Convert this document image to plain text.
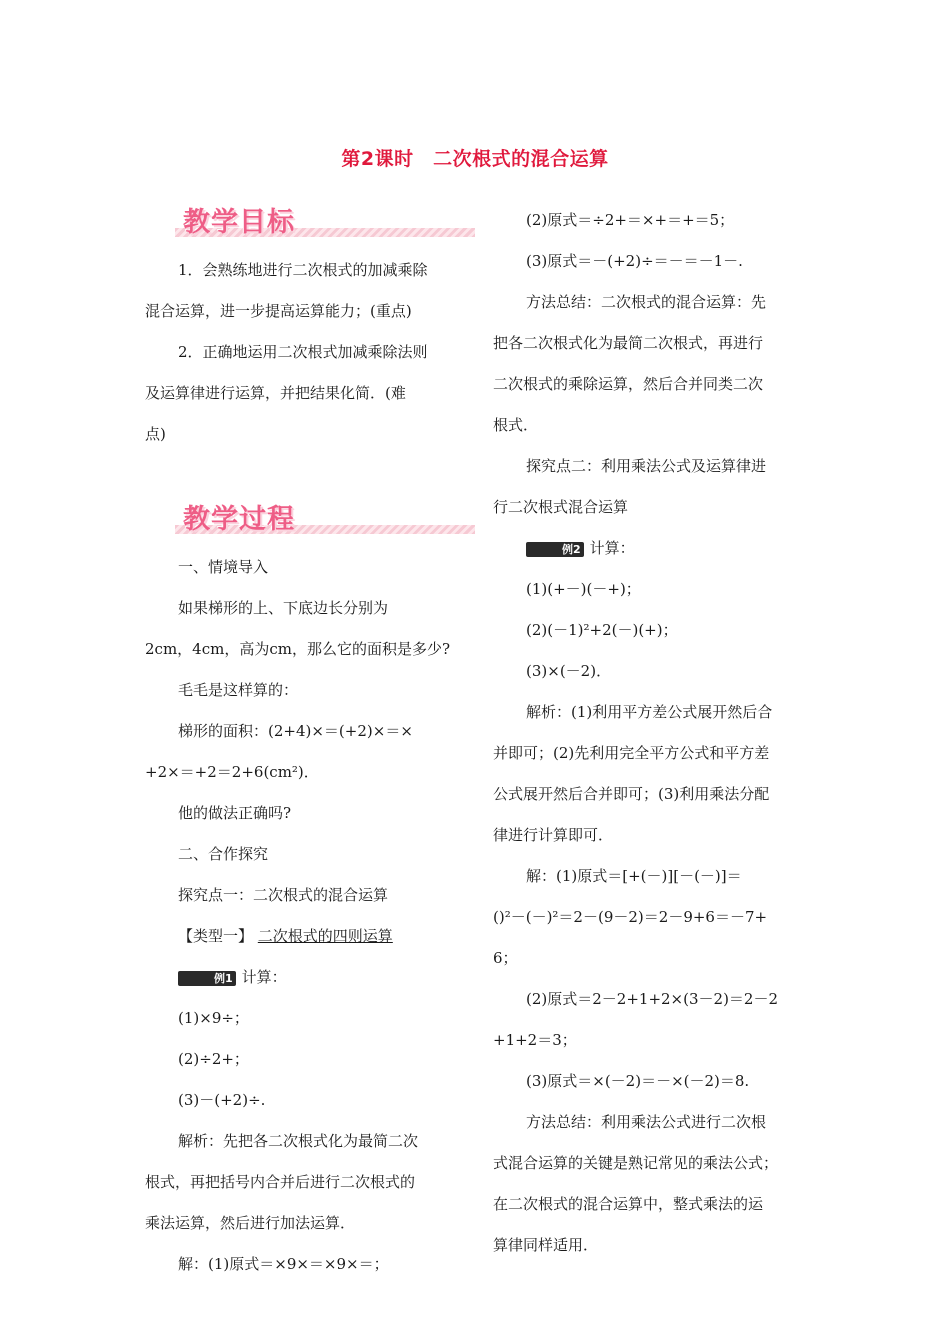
第2课时　二次根式的混合运算
教学目标

1．会熟练地进行二次根式的加减乘除

混合运算，进一步提高运算能力；(重点)

2．正确地运用二次根式加减乘除法则

及运算律进行运算，并把结果化简．(难

点)

教学过程

一、情境导入

如果梯形的上、下底边长分别为

2cm，4cm，高为cm，那么它的面积是多少?

毛毛是这样算的：

梯形的面积：(2+4)×＝(+2)×＝×

+2×＝+2＝2+6(cm²)．

他的做法正确吗?

二、合作探究

探究点一：二次根式的混合运算

【类型一】 二次根式的四则运算

例1 计算：

(1)×9÷；

(2)÷2+；

(3)－(+2)÷.

解析：先把各二次根式化为最简二次

根式，再把括号内合并后进行二次根式的

乘法运算，然后进行加法运算．

解：(1)原式＝×9×＝×9×＝；

(2)原式＝÷2+＝×+＝+＝5；

(3)原式＝－(+2)÷＝－＝－1－.

方法总结：二次根式的混合运算：先

把各二次根式化为最简二次根式，再进行

二次根式的乘除运算，然后合并同类二次

根式．

探究点二：利用乘法公式及运算律进

行二次根式混合运算

例2 计算：

(1)(+－)(－+)；

(2)(－1)²+2(－)(+)；

(3)×(－2)．

解析：(1)利用平方差公式展开然后合

并即可；(2)先利用完全平方公式和平方差

公式展开然后合并即可；(3)利用乘法分配

律进行计算即可．

解：(1)原式＝[+(－)][－(－)]＝

()²－(－)²＝2－(9－2)＝2－9+6＝－7+

6；

(2)原式＝2－2+1+2×(3－2)＝2－2

+1+2＝3；

(3)原式＝×(－2)＝－×(－2)＝8.

方法总结：利用乘法公式进行二次根

式混合运算的关键是熟记常见的乘法公式；

在二次根式的混合运算中，整式乘法的运

算律同样适用．
